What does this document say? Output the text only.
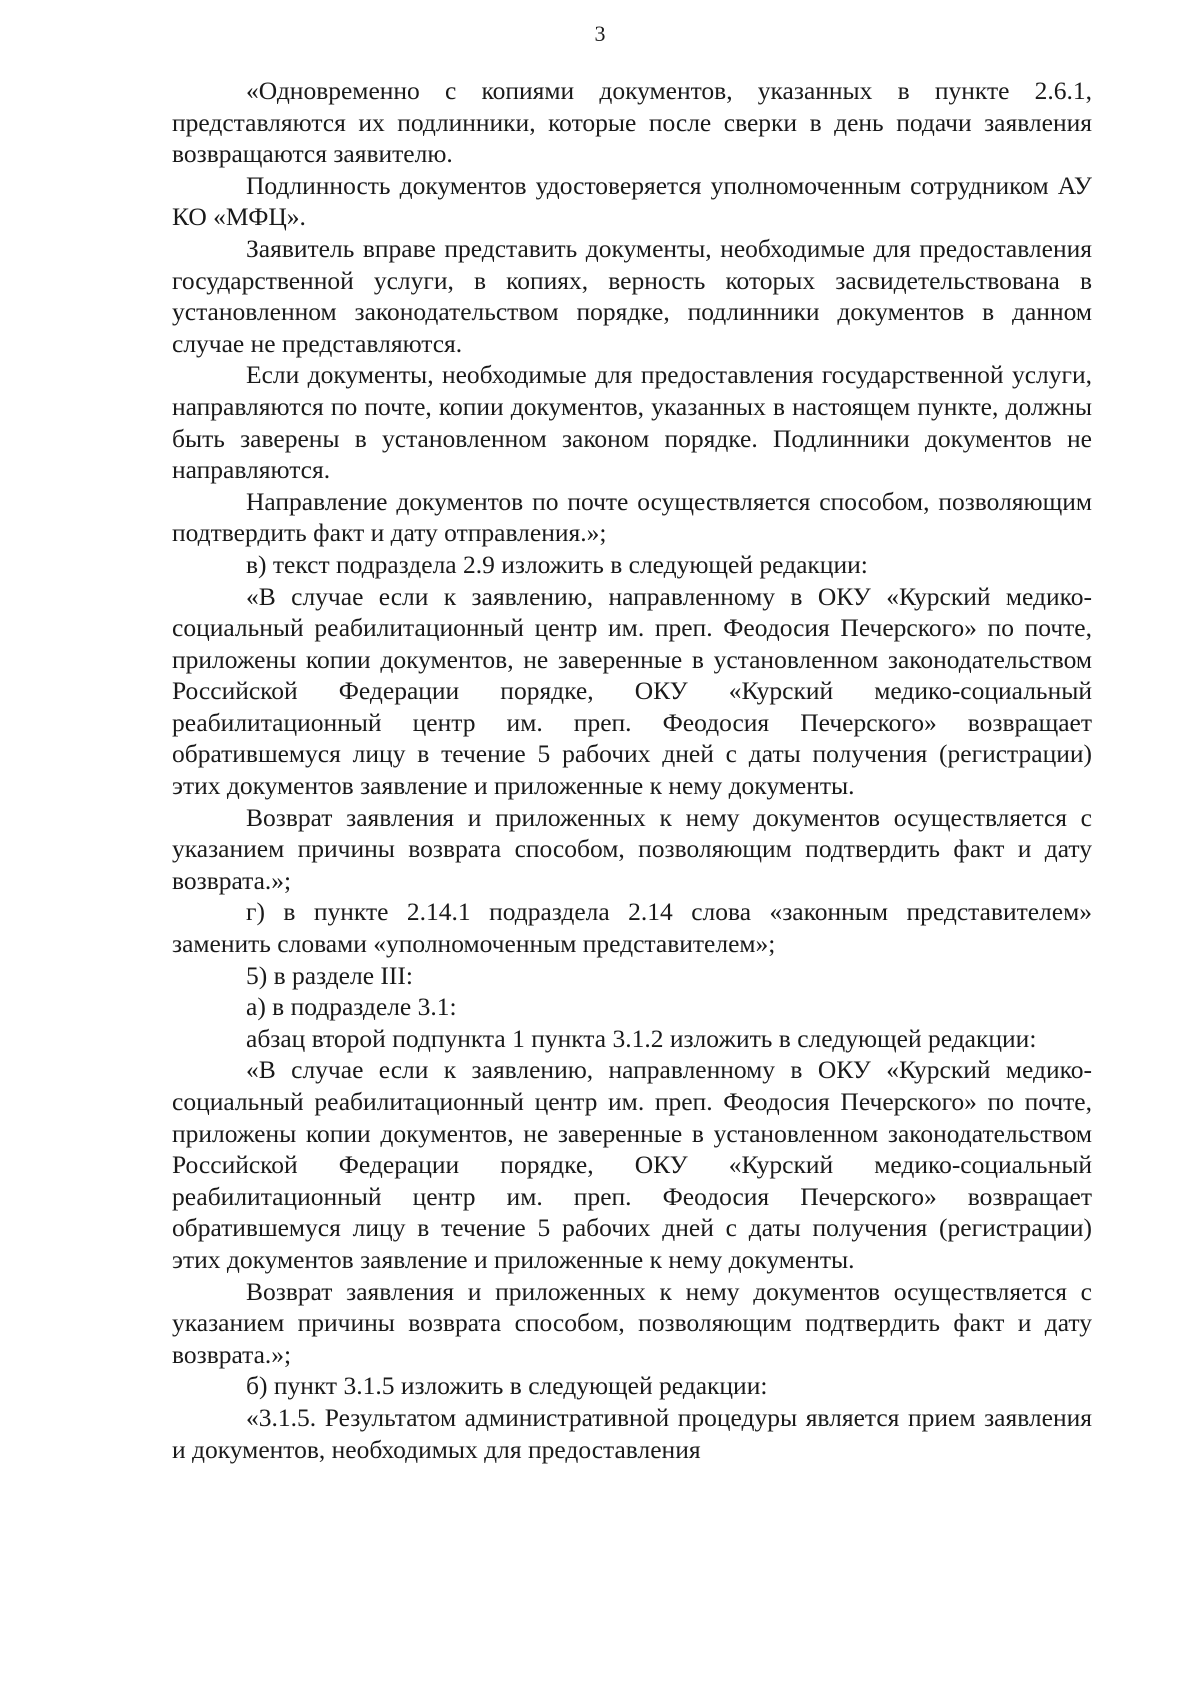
3

«Одновременно с копиями документов, указанных в пункте 2.6.1, представляются их подлинники, которые после сверки в день подачи заявления возвращаются заявителю.

Подлинность документов удостоверяется уполномоченным сотрудником АУ КО «МФЦ».

Заявитель вправе представить документы, необходимые для предоставления государственной услуги, в копиях, верность которых засвидетельствована в установленном законодательством порядке, подлинники документов в данном случае не представляются.

Если документы, необходимые для предоставления государственной услуги, направляются по почте, копии документов, указанных в настоящем пункте, должны быть заверены в установленном законом порядке. Подлинники документов не направляются.

Направление документов по почте осуществляется способом, позволяющим подтвердить факт и дату отправления.»;

в) текст подраздела 2.9 изложить в следующей редакции:

«В случае если к заявлению, направленному в ОКУ «Курский медико-социальный реабилитационный центр им. преп. Феодосия Печерского» по почте, приложены копии документов, не заверенные в установленном законодательством Российской Федерации порядке, ОКУ «Курский медико-социальный реабилитационный центр им. преп. Феодосия Печерского» возвращает обратившемуся лицу в течение 5 рабочих дней с даты получения (регистрации) этих документов заявление и приложенные к нему документы.

Возврат заявления и приложенных к нему документов осуществляется с указанием причины возврата способом, позволяющим подтвердить факт и дату возврата.»;

г) в пункте 2.14.1 подраздела 2.14 слова «законным представителем» заменить словами «уполномоченным представителем»;

5) в разделе III:

а) в подразделе 3.1:

абзац второй подпункта 1 пункта 3.1.2 изложить в следующей редакции:

«В случае если к заявлению, направленному в ОКУ «Курский медико-социальный реабилитационный центр им. преп. Феодосия Печерского» по почте, приложены копии документов, не заверенные в установленном законодательством Российской Федерации порядке, ОКУ «Курский медико-социальный реабилитационный центр им. преп. Феодосия Печерского» возвращает обратившемуся лицу в течение 5 рабочих дней с даты получения (регистрации) этих документов заявление и приложенные к нему документы.

Возврат заявления и приложенных к нему документов осуществляется с указанием причины возврата способом, позволяющим подтвердить факт и дату возврата.»;

б) пункт 3.1.5 изложить в следующей редакции:

«3.1.5. Результатом административной процедуры является прием заявления и документов, необходимых для предоставления
